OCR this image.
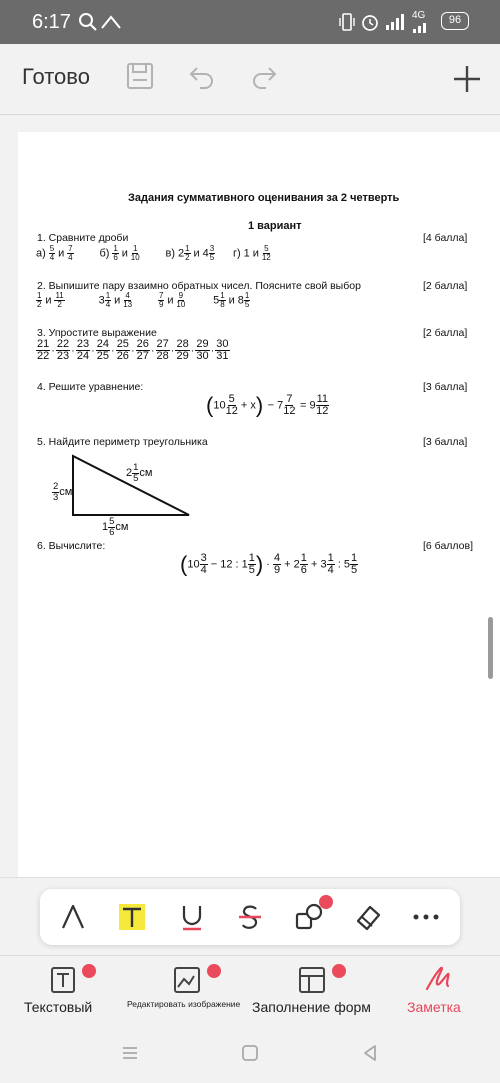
6:17	4G	96
Готово
Задания суммативного оценивания за 2 четверть
1 вариант
1. Сравните дроби	[4 балла]
$а) \frac{5}{4}$ и $\frac{7}{4} б) \frac{1}{6}$ и $\frac{1}{10} в$) $2 \frac{1}{2}$ и $4 \frac{3}{5} г$) 1 и $\frac{5}{12}$
2. Выпишите пару взаимно обратных чисел. Поясните свой выбор	[2 балла]
$\frac{1}{2}$ и $\frac{11}{2}$	$3 \frac{1}{4}$ и $\frac{4}{13}$
	$\frac{7}{9}$ и $\frac{9}{10}$	$5 \frac{1}{8}$ и $8 \frac{1}{5}$
3. Упростите выражение	[2 балла]
$\frac{21}{22} \cdot \frac{22}{23} \cdot \frac{23}{24} \cdot \frac{24}{25} \cdot \frac{25}{26} \cdot \frac{26}{27} \cdot \frac{27}{28} \cdot \frac{28}{29} \cdot \frac{29}{30} \cdot \frac{30}{31}$
4. Решите уравнение:	[3 балла]
$(10 \frac{5}{12} + x) - 7 \frac{7}{12} = 9 \frac{11}{12}$
5. Найдите периметр треугольника	[3 балла]
$2 \frac{1}{5}$ см
$\frac{2}{3}$ см
$1 \frac{5}{6}$ см
6. Вычислите:	[6 баллов]
($10 \frac{3}{4} - 12$ : $1 \frac{1}{5}$ ) · $\frac{4}{9} + 2 \frac{1}{6} + 3 \frac{1}{4}$ : $5 \frac{1}{5}$
Текстовый	Редактировать изображение Заполнение форм	Заметка
